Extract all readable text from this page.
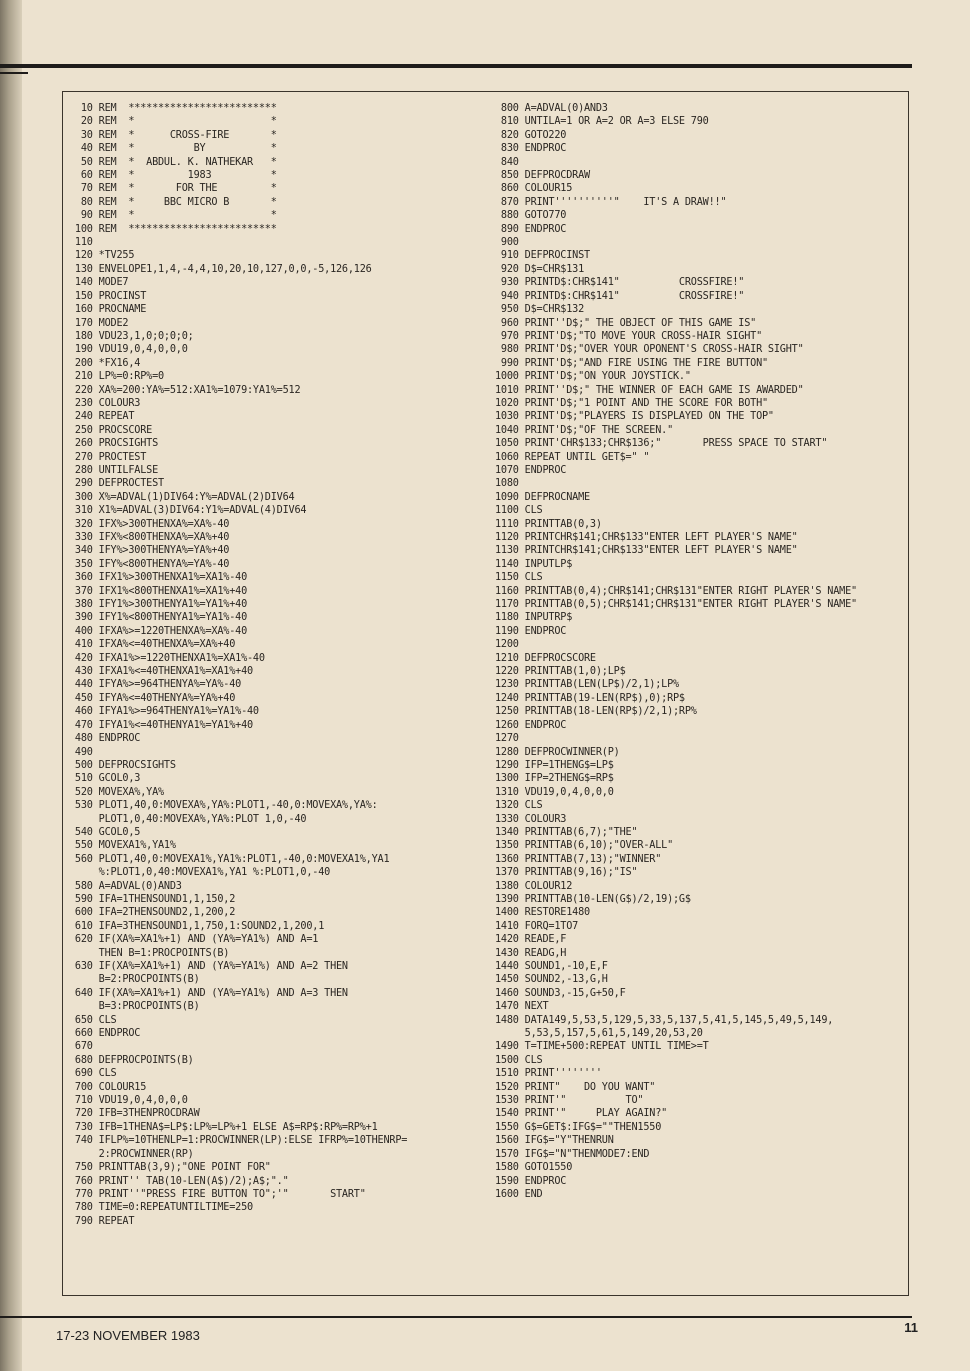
10 REM  *************************
20 REM  *                       *
30 REM  *      CROSS-FIRE       *
40 REM  *          BY           *
50 REM  *  ABDUL. K. NATHEKAR   *
60 REM  *         1983          *
70 REM  *       FOR THE         *
80 REM  *     BBC MICRO B       *
90 REM  *                       *
100 REM  *************************
110
120 *TV255
130 ENVELOPE1,1,4,-4,4,10,20,10,127,0,0,-5,126,126
140 MODE7
150 PROCINST
160 PROCNAME
170 MODE2
180 VDU23,1,0;0;0;0;
190 VDU19,0,4,0,0,0
200 *FX16,4
210 LP%=0:RP%=0
220 XA%=200:YA%=512:XA1%=1079:YA1%=512
230 COLOUR3
240 REPEAT
250 PROCSCORE
260 PROCSIGHTS
270 PROCTEST
280 UNTILFALSE
290 DEFPROCTEST
300 X%=ADVAL(1)DIV64:Y%=ADVAL(2)DIV64
310 X1%=ADVAL(3)DIV64:Y1%=ADVAL(4)DIV64
320 IFX%>300THENXA%=XA%-40
330 IFX%<800THENXA%=XA%+40
340 IFY%>300THENYA%=YA%+40
350 IFY%<800THENYA%=YA%-40
360 IFX1%>300THENXA1%=XA1%-40
370 IFX1%<800THENXA1%=XA1%+40
380 IFY1%>300THENYA1%=YA1%+40
390 IFY1%<800THENYA1%=YA1%-40
400 IFXA%>=1220THENXA%=XA%-40
410 IFXA%<=40THENXA%=XA%+40
420 IFXA1%>=1220THENXA1%=XA1%-40
430 IFXA1%<=40THENXA1%=XA1%+40
440 IFYA%>=964THENYA%=YA%-40
450 IFYA%<=40THENYA%=YA%+40
460 IFYA1%>=964THENYA1%=YA1%-40
470 IFYA1%<=40THENYA1%=YA1%+40
480 ENDPROC
490
500 DEFPROCSIGHTS
510 GCOL0,3
520 MOVEXA%,YA%
530 PLOT1,40,0:MOVEXA%,YA%:PLOT1,-40,0:MOVEXA%,YA%:
PLOT1,0,40:MOVEXA%,YA%:PLOT 1,0,-40
540 GCOL0,5
550 MOVEXA1%,YA1%
560 PLOT1,40,0:MOVEXA1%,YA1%:PLOT1,-40,0:MOVEXA1%,YA1
%:PLOT1,0,40:MOVEXA1%,YA1 %:PLOT1,0,-40
580 A=ADVAL(0)AND3
590 IFA=1THENSOUND1,1,150,2
600 IFA=2THENSOUND2,1,200,2
610 IFA=3THENSOUND1,1,750,1:SOUND2,1,200,1
620 IF(XA%=XA1%+1) AND (YA%=YA1%) AND A=1
THEN B=1:PROCPOINTS(B)
630 IF(XA%=XA1%+1) AND (YA%=YA1%) AND A=2 THEN
B=2:PROCPOINTS(B)
640 IF(XA%=XA1%+1) AND (YA%=YA1%) AND A=3 THEN
B=3:PROCPOINTS(B)
650 CLS
660 ENDPROC
670
680 DEFPROCPOINTS(B)
690 CLS
700 COLOUR15
710 VDU19,0,4,0,0,0
720 IFB=3THENPROCDRAW
730 IFB=1THENA$=LP$:LP%=LP%+1 ELSE A$=RP$:RP%=RP%+1
740 IFLP%=10THENLP=1:PROCWINNER(LP):ELSE IFRP%=10THENRP=
2:PROCWINNER(RP)
750 PRINTTAB(3,9);"ONE POINT FOR"
760 PRINT'' TAB(10-LEN(A$)/2);A$;"."
770 PRINT''"PRESS FIRE BUTTON TO";'"       START"
780 TIME=0:REPEATUNTILTIME=250
790 REPEAT
800 A=ADVAL(0)AND3
810 UNTILA=1 OR A=2 OR A=3 ELSE 790
820 GOTO220
830 ENDPROC
840
850 DEFPROCDRAW
860 COLOUR15
870 PRINT''''''''''"    IT'S A DRAW!!"
880 GOTO770
890 ENDPROC
900
910 DEFPROCINST
920 D$=CHR$131
930 PRINTD$:CHR$141"          CROSSFIRE!"
940 PRINTD$:CHR$141"          CROSSFIRE!"
950 D$=CHR$132
960 PRINT''D$;" THE OBJECT OF THIS GAME IS"
970 PRINT'D$;"TO MOVE YOUR CROSS-HAIR SIGHT"
980 PRINT'D$;"OVER YOUR OPONENT'S CROSS-HAIR SIGHT"
990 PRINT'D$;"AND FIRE USING THE FIRE BUTTON"
1000 PRINT'D$;"ON YOUR JOYSTICK."
1010 PRINT''D$;" THE WINNER OF EACH GAME IS AWARDED"
1020 PRINT'D$;"1 POINT AND THE SCORE FOR BOTH"
1030 PRINT'D$;"PLAYERS IS DISPLAYED ON THE TOP"
1040 PRINT'D$;"OF THE SCREEN."
1050 PRINT'CHR$133;CHR$136;"       PRESS SPACE TO START"
1060 REPEAT UNTIL GET$=" "
1070 ENDPROC
1080
1090 DEFPROCNAME
1100 CLS
1110 PRINTTAB(0,3)
1120 PRINTCHR$141;CHR$133"ENTER LEFT PLAYER'S NAME"
1130 PRINTCHR$141;CHR$133"ENTER LEFT PLAYER'S NAME"
1140 INPUTLP$
1150 CLS
1160 PRINTTAB(0,4);CHR$141;CHR$131"ENTER RIGHT PLAYER'S NAME"
1170 PRINTTAB(0,5);CHR$141;CHR$131"ENTER RIGHT PLAYER'S NAME"
1180 INPUTRP$
1190 ENDPROC
1200
1210 DEFPROCSCORE
1220 PRINTTAB(1,0);LP$
1230 PRINTTAB(LEN(LP$)/2,1);LP%
1240 PRINTTAB(19-LEN(RP$),0);RP$
1250 PRINTTAB(18-LEN(RP$)/2,1);RP%
1260 ENDPROC
1270
1280 DEFPROCWINNER(P)
1290 IFP=1THENG$=LP$
1300 IFP=2THENG$=RP$
1310 VDU19,0,4,0,0,0
1320 CLS
1330 COLOUR3
1340 PRINTTAB(6,7);"THE"
1350 PRINTTAB(6,10);"OVER-ALL"
1360 PRINTTAB(7,13);"WINNER"
1370 PRINTTAB(9,16);"IS"
1380 COLOUR12
1390 PRINTTAB(10-LEN(G$)/2,19);G$
1400 RESTORE1480
1410 FORQ=1TO7
1420 READE,F
1430 READG,H
1440 SOUND1,-10,E,F
1450 SOUND2,-13,G,H
1460 SOUND3,-15,G+50,F
1470 NEXT
1480 DATA149,5,53,5,129,5,33,5,137,5,41,5,145,5,49,5,149,
5,53,5,157,5,61,5,149,20,53,20
1490 T=TIME+500:REPEAT UNTIL TIME>=T
1500 CLS
1510 PRINT''''''''
1520 PRINT"    DO YOU WANT"
1530 PRINT'"          TO"
1540 PRINT'"     PLAY AGAIN?"
1550 G$=GET$:IFG$=""THEN1550
1560 IFG$="Y"THENRUN
1570 IFG$="N"THENMODE7:END
1580 GOTO1550
1590 ENDPROC
1600 END
17-23 NOVEMBER 1983
11
